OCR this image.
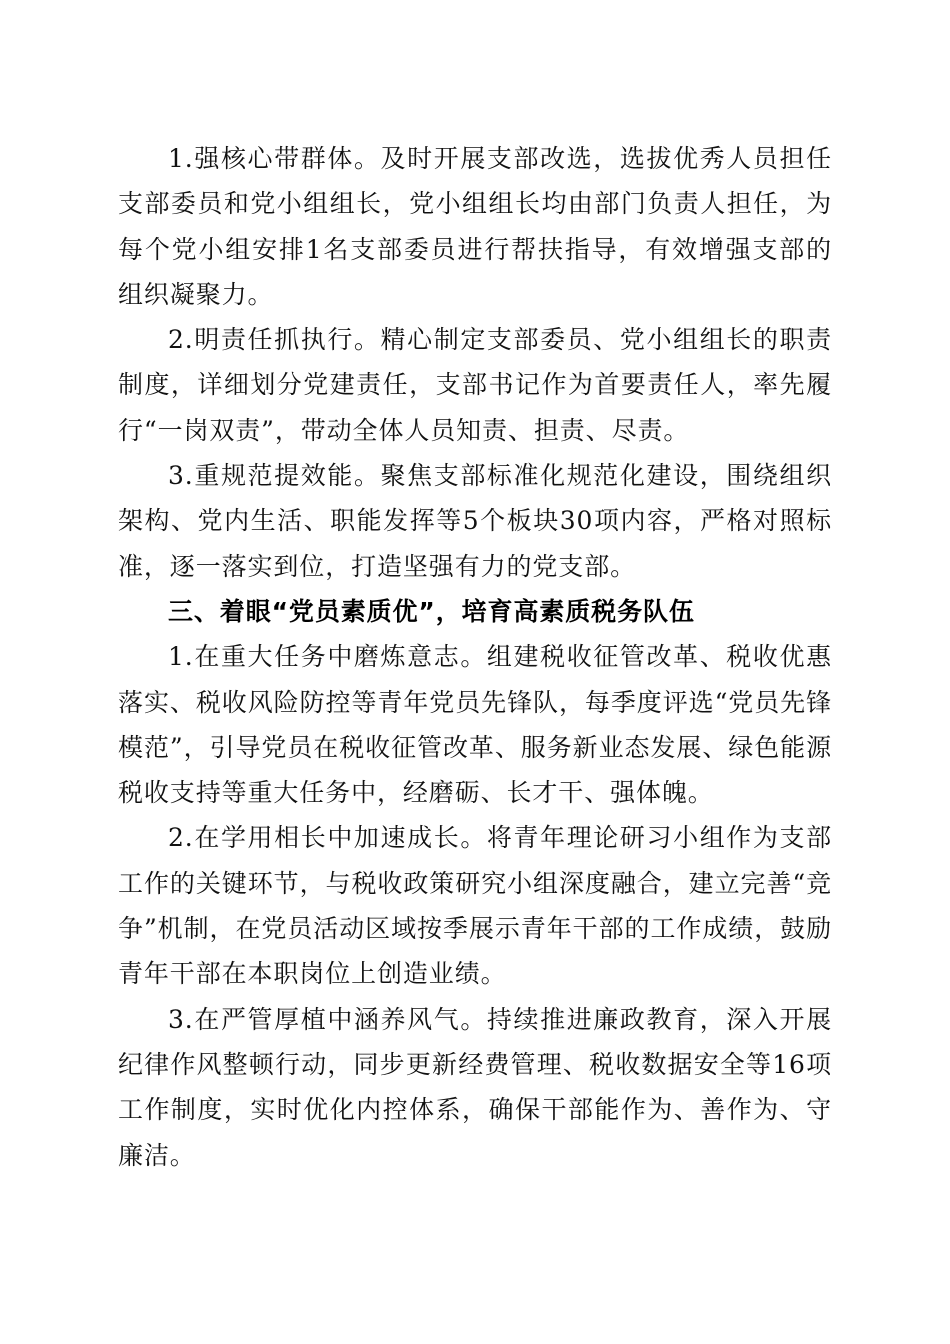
1.强核心带群体。及时开展支部改选，选拔优秀人员担任支部委员和党小组组长，党小组组长均由部门负责人担任，为每个党小组安排1名支部委员进行帮扶指导，有效增强支部的组织凝聚力。

2.明责任抓执行。精心制定支部委员、党小组组长的职责制度，详细划分党建责任，支部书记作为首要责任人，率先履行“一岗双责”，带动全体人员知责、担责、尽责。

3.重规范提效能。聚焦支部标准化规范化建设，围绕组织架构、党内生活、职能发挥等5个板块30项内容，严格对照标准，逐一落实到位，打造坚强有力的党支部。

三、着眼“党员素质优”，培育高素质税务队伍

1.在重大任务中磨炼意志。组建税收征管改革、税收优惠落实、税收风险防控等青年党员先锋队，每季度评选“党员先锋模范”，引导党员在税收征管改革、服务新业态发展、绿色能源税收支持等重大任务中，经磨砺、长才干、强体魄。

2.在学用相长中加速成长。将青年理论研习小组作为支部工作的关键环节，与税收政策研究小组深度融合，建立完善“竞争”机制，在党员活动区域按季展示青年干部的工作成绩，鼓励青年干部在本职岗位上创造业绩。

3.在严管厚植中涵养风气。持续推进廉政教育，深入开展纪律作风整顿行动，同步更新经费管理、税收数据安全等16项工作制度，实时优化内控体系，确保干部能作为、善作为、守廉洁。
